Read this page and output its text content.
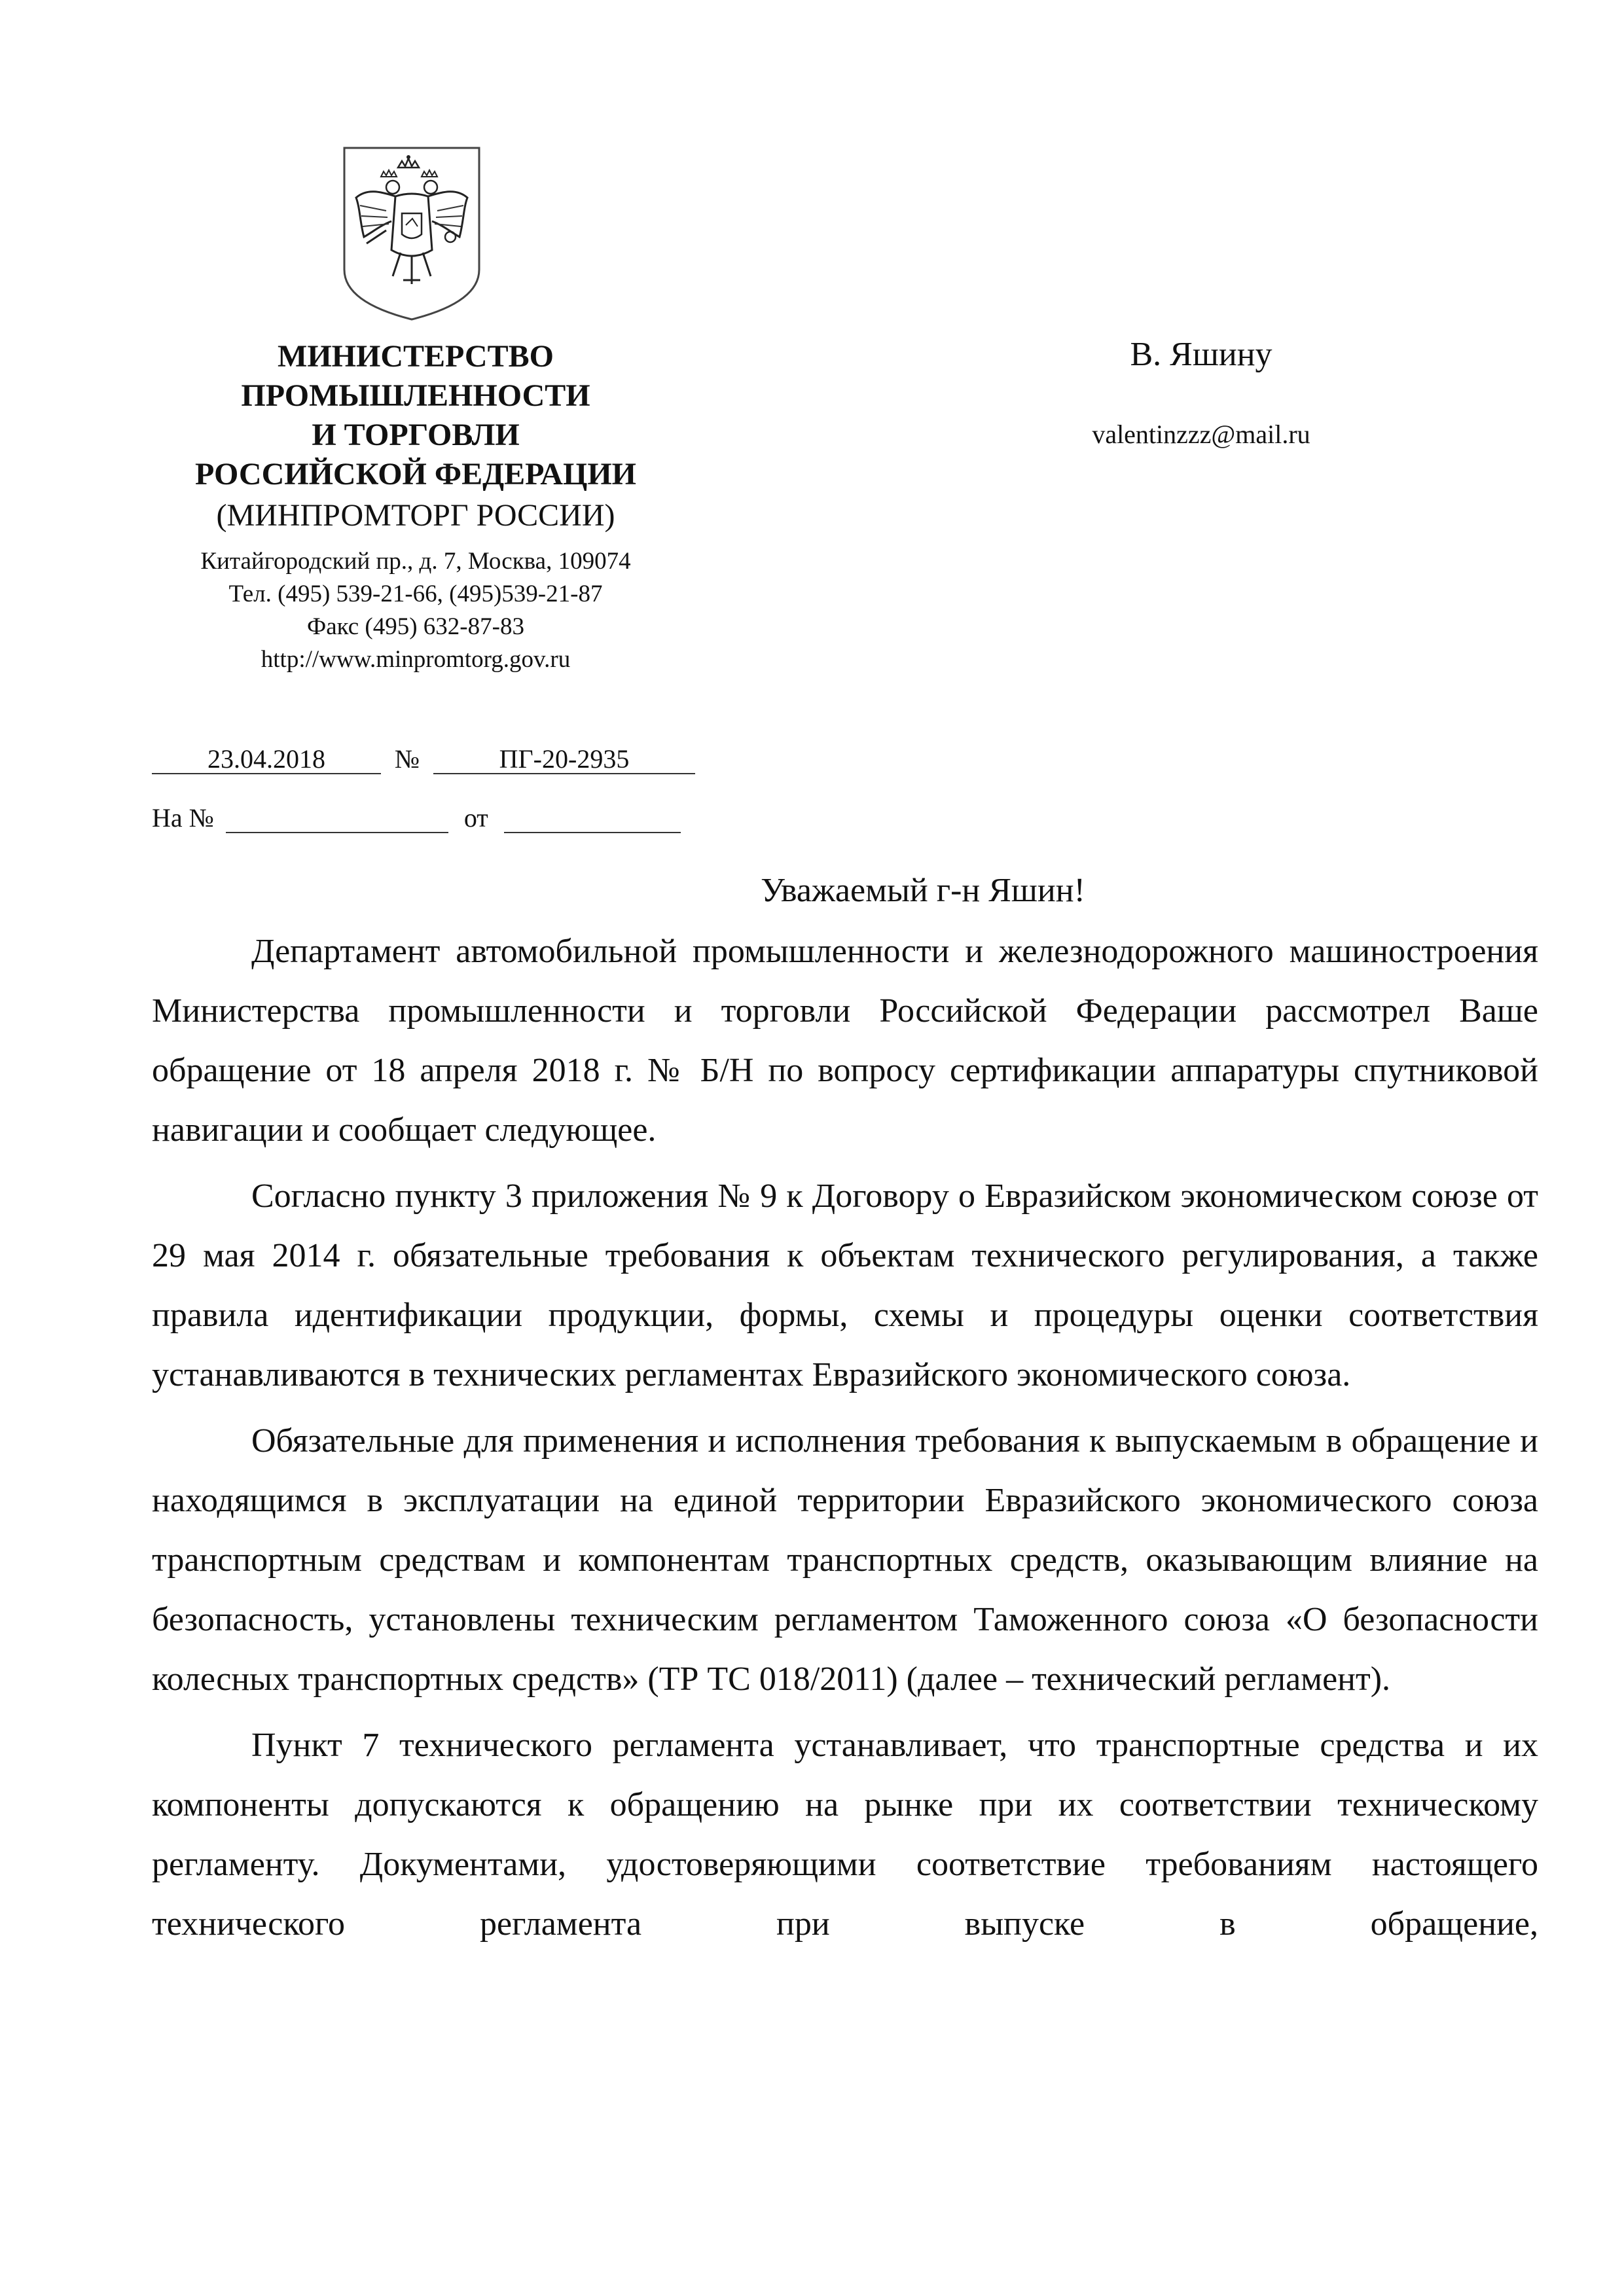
МИНИСТЕРСТВО

ПРОМЫШЛЕННОСТИ

И ТОРГОВЛИ

РОССИЙСКОЙ ФЕДЕРАЦИИ

(МИНПРОМТОРГ РОССИИ)

Китайгородский пр., д. 7, Москва, 109074

Тел. (495) 539-21-66, (495)539-21-87

Факс (495) 632-87-83

http://www.minpromtorg.gov.ru

23.04.2018	№	ПГ-20-2935
На №	от

В. Яшину

valentinzzz@mail.ru

Уважаемый г-н Яшин!

Департамент автомобильной промышленности и железнодорожного машиностроения Министерства промышленности и торговли Российской Федерации рассмотрел Ваше обращение от 18 апреля 2018 г. № Б/Н по вопросу сертификации аппаратуры спутниковой навигации и сообщает следующее.

Согласно пункту 3 приложения № 9 к Договору о Евразийском экономическом союзе от 29 мая 2014 г. обязательные требования к объектам технического регулирования, а также правила идентификации продукции, формы, схемы и процедуры оценки соответствия устанавливаются в технических регламентах Евразийского экономического союза.

Обязательные для применения и исполнения требования к выпускаемым в обращение и находящимся в эксплуатации на единой территории Евразийского экономического союза транспортным средствам и компонентам транспортных средств, оказывающим влияние на безопасность, установлены техническим регламентом Таможенного союза «О безопасности колесных транспортных средств» (ТР ТС 018/2011) (далее – технический регламент).

Пункт 7 технического регламента устанавливает, что транспортные средства и их компоненты допускаются к обращению на рынке при их соответствии техническому регламенту. Документами, удостоверяющими соответствие требованиям настоящего технического регламента при выпуске в обращение,
